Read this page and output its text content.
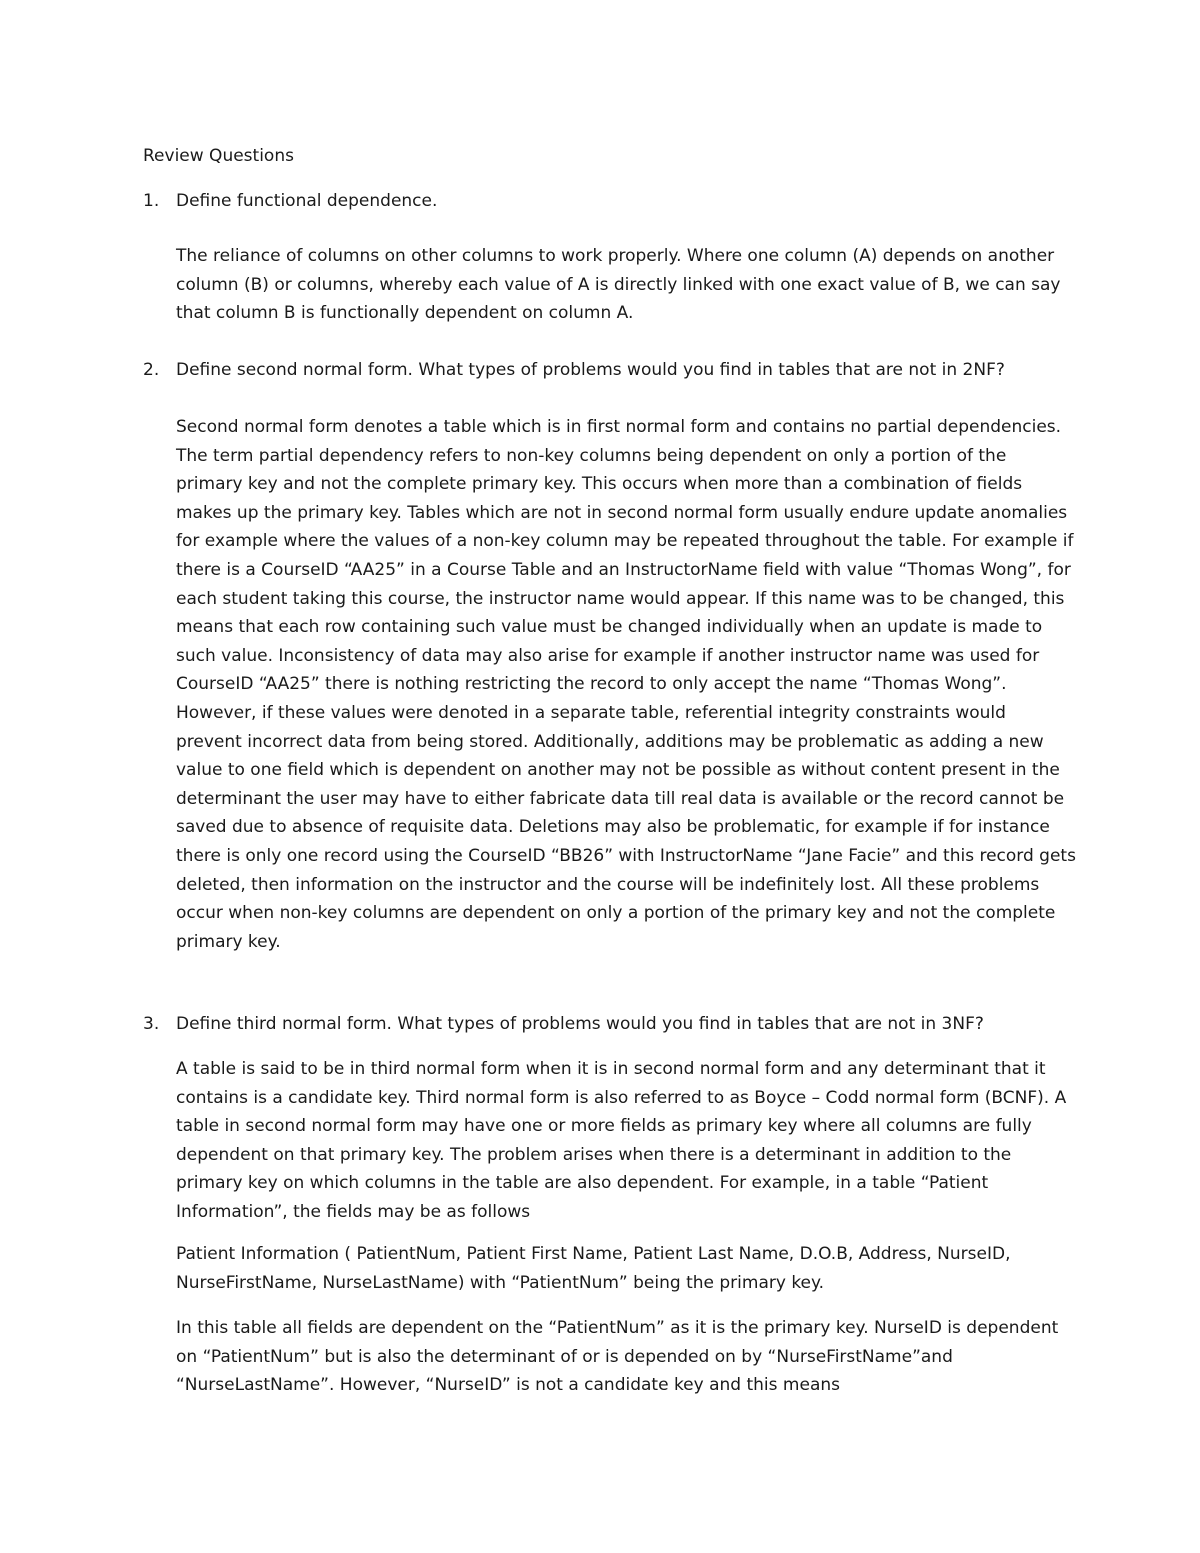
Review Questions
1. Define functional dependence.

The reliance of columns on other columns to work properly. Where one column (A) depends on another column (B) or columns, whereby each value of A is directly linked with one exact value of B, we can say that column B is functionally dependent on column A.

2. Define second normal form. What types of problems would you find in tables that are not in 2NF?

Second normal form denotes a table which is in first normal form and contains no partial dependencies. The term partial dependency refers to non-key columns being dependent on only a portion of the primary key and not the complete primary key. This occurs when more than a combination of fields makes up the primary key. Tables which are not in second normal form usually endure update anomalies for example where the values of a non-key column may be repeated throughout the table. For example if there is a CourseID “AA25” in a Course Table and an InstructorName field with value “Thomas Wong”, for each student taking this course, the instructor name would appear. If this name was to be changed, this means that each row containing such value must be changed individually when an update is made to such value. Inconsistency of data may also arise for example if another instructor name was used for CourseID “AA25” there is nothing restricting the record to only accept the name “Thomas Wong”. However, if these values were denoted in a separate table, referential integrity constraints would prevent incorrect data from being stored. Additionally, additions may be problematic as adding a new value to one field which is dependent on another may not be possible as without content present in the determinant the user may have to either fabricate data till real data is available or the record cannot be saved due to absence of requisite data. Deletions may also be problematic, for example if for instance there is only one record using the CourseID “BB26” with InstructorName “Jane Facie” and this record gets deleted, then information on the instructor and the course will be indefinitely lost. All these problems occur when non-key columns are dependent on only a portion of the primary key and not the complete primary key.

3. Define third normal form. What types of problems would you find in tables that are not in 3NF?

A table is said to be in third normal form when it is in second normal form and any determinant that it contains is a candidate key. Third normal form is also referred to as Boyce – Codd normal form (BCNF). A table in second normal form may have one or more fields as primary key where all columns are fully dependent on that primary key. The problem arises when there is a determinant in addition to the primary key on which columns in the table are also dependent. For example, in a table “Patient Information”, the fields may be as follows

Patient Information ( PatientNum, Patient First Name, Patient Last Name, D.O.B, Address, NurseID, NurseFirstName, NurseLastName) with “PatientNum” being the primary key.

In this table all fields are dependent on the “PatientNum” as it is the primary key. NurseID is dependent on “PatientNum” but is also the determinant of or is depended on by “NurseFirstName”and “NurseLastName”. However, “NurseID” is not a candidate key and this means
